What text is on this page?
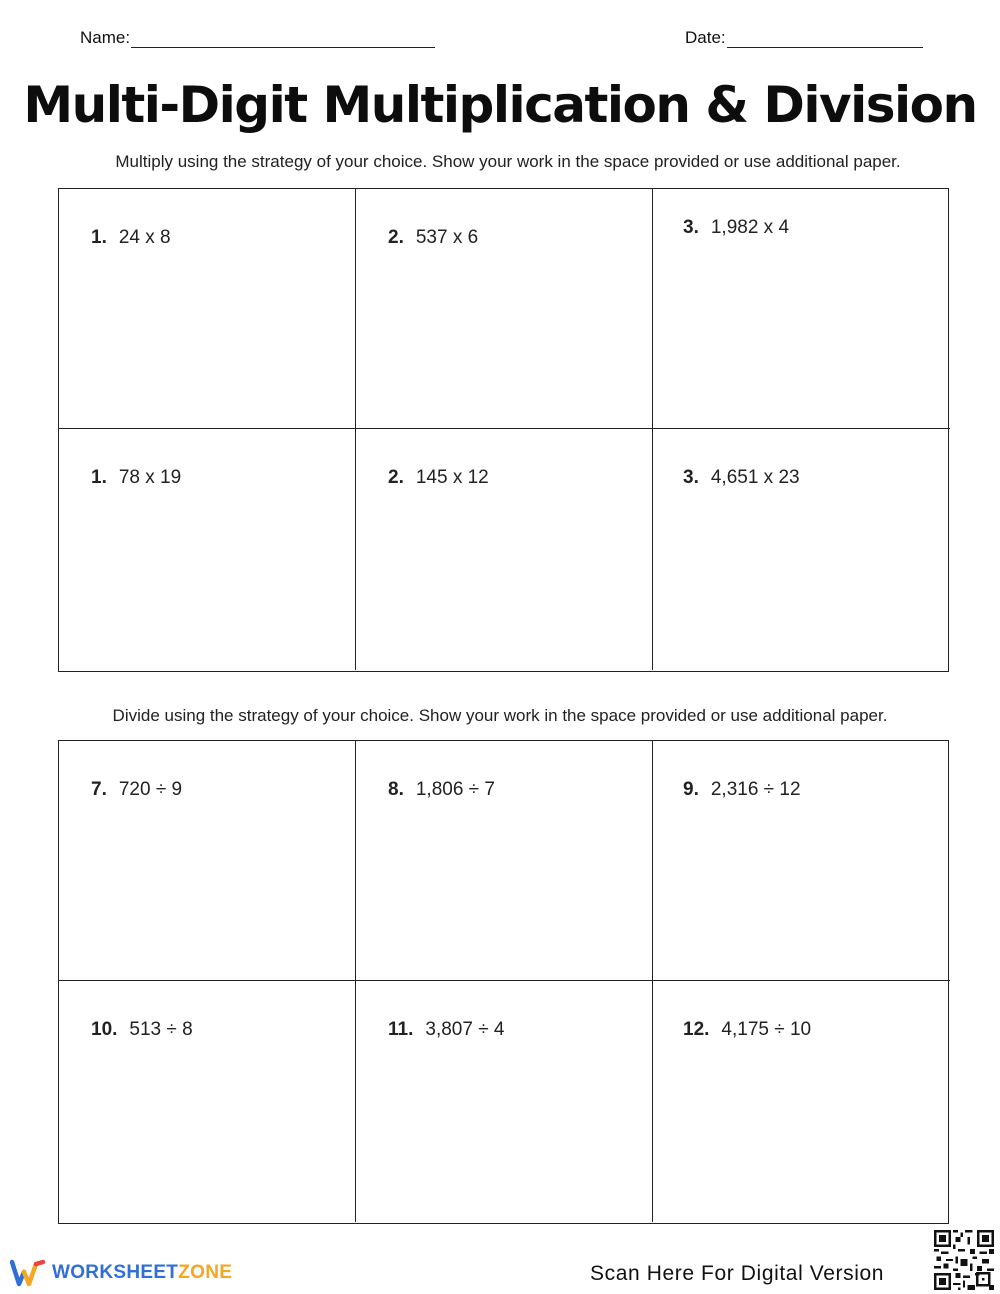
Name:	Date:
Multi-Digit Multiplication & Division
Multiply using the strategy of your choice. Show your work in the space provided or use additional paper.
1. 24 x 8	2. 537 x 6	3. 1,982 x 4
1. 78 x 19	2. 145 x 12	3. 4,651 x 23
Divide using the strategy of your choice. Show your work in the space provided or use additional paper.
7. 720 ÷ 9	8. 1,806 ÷ 7	9. 2,316 ÷ 12
10. 513 ÷ 8	11. 3,807 ÷ 4	12. 4,175 ÷ 10
WORKSHEETZONE	Scan Here For Digital Version
